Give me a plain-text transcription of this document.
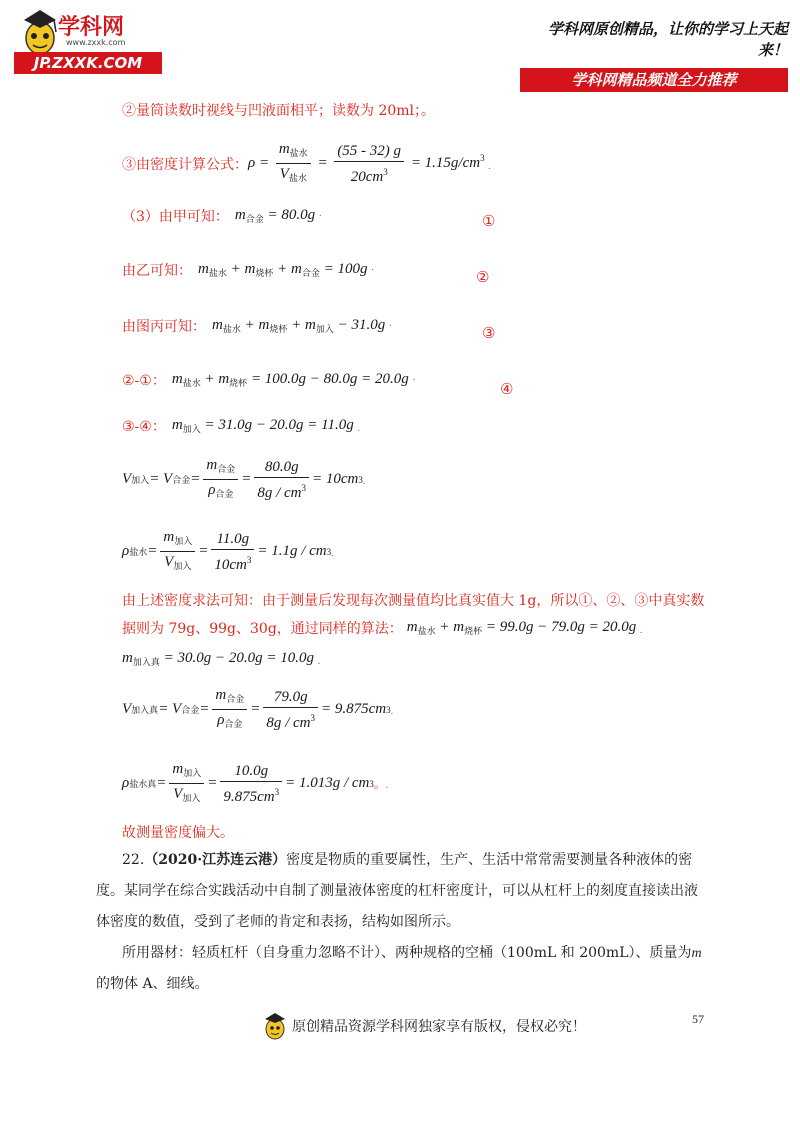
学科网
www.zxxk.com
JP.ZXXK.COM
学科网原创精品，让你的学习上天起来！
学科网精品频道全力推荐
②量筒读数时视线与凹液面相平；读数为 20ml；。
③由密度计算公式： $\rho = \frac{m_{盐水}}{V_{盐水}} = \frac{(55 - 32) g}{20cm^3} = 1.15g/cm^3$ ˯
（3）由甲可知： $m_{合金} = 80.0g$ ·	①
由乙可知： $m_{盐水} + m_{烧杯} + m_{合金} = 100g$ ·	②
由图丙可知： $m_{盐水} + m_{烧杯} + m_{加入} - 31.0g$ ·	③
②-①： $m_{盐水} + m_{烧杯} = 100.0g - 80.0g = 20.0g$ ·	④
③-④： $m_{加入} = 31.0g - 20.0g = 11.0g$ ˯
V 加入 = V 合金 = $\frac{m_{合金}}{\rho_{合金}} = \frac{80.0g}{8g / cm^3} = 10cm$ 3 ˯
ρ 盐水 = $\frac{m_{加入}}{V_{加入}} = \frac{11.0g}{10cm^3} = 1.1g$ / cm 3 ˯
由上述密度求法可知：由于测量后发现每次测量值均比真实值大 1g，所以①、②、③中真实数
据则为 79g、99g、30g，通过同样的算法： $m_{盐水} + m_{烧杯} = 99.0g - 79.0g = 20.0g$ ˯
$m_{加入真} = 30.0g - 20.0g = 10.0g$ ˯
V 加入真 = V 合金 = $\frac{m_{合金}}{\rho_{合金}} = \frac{79.0g}{8g / cm^3} = 9.875cm$ 3 ˯
ρ 盐水真 = $\frac{m_{加入}}{V_{加入}} = \frac{10.0g}{9.875cm^3} = 1.013g$ / cm 3 。 ˯
故测量密度偏大。
22.（2020·江苏连云港）密度是物质的重要属性，生产、生活中常常需要测量各种液体的密
度。某同学在综合实践活动中自制了测量液体密度的杠杆密度计，可以从杠杆上的刻度直接读出液
体密度的数值，受到了老师的肯定和表扬，结构如图所示。
所用器材：轻质杠杆（自身重力忽略不计）、两种规格的空桶（100mL 和 200mL）、质量为m
的物体 A、细线。
原创精品资源学科网独家享有版权，侵权必究！	57
